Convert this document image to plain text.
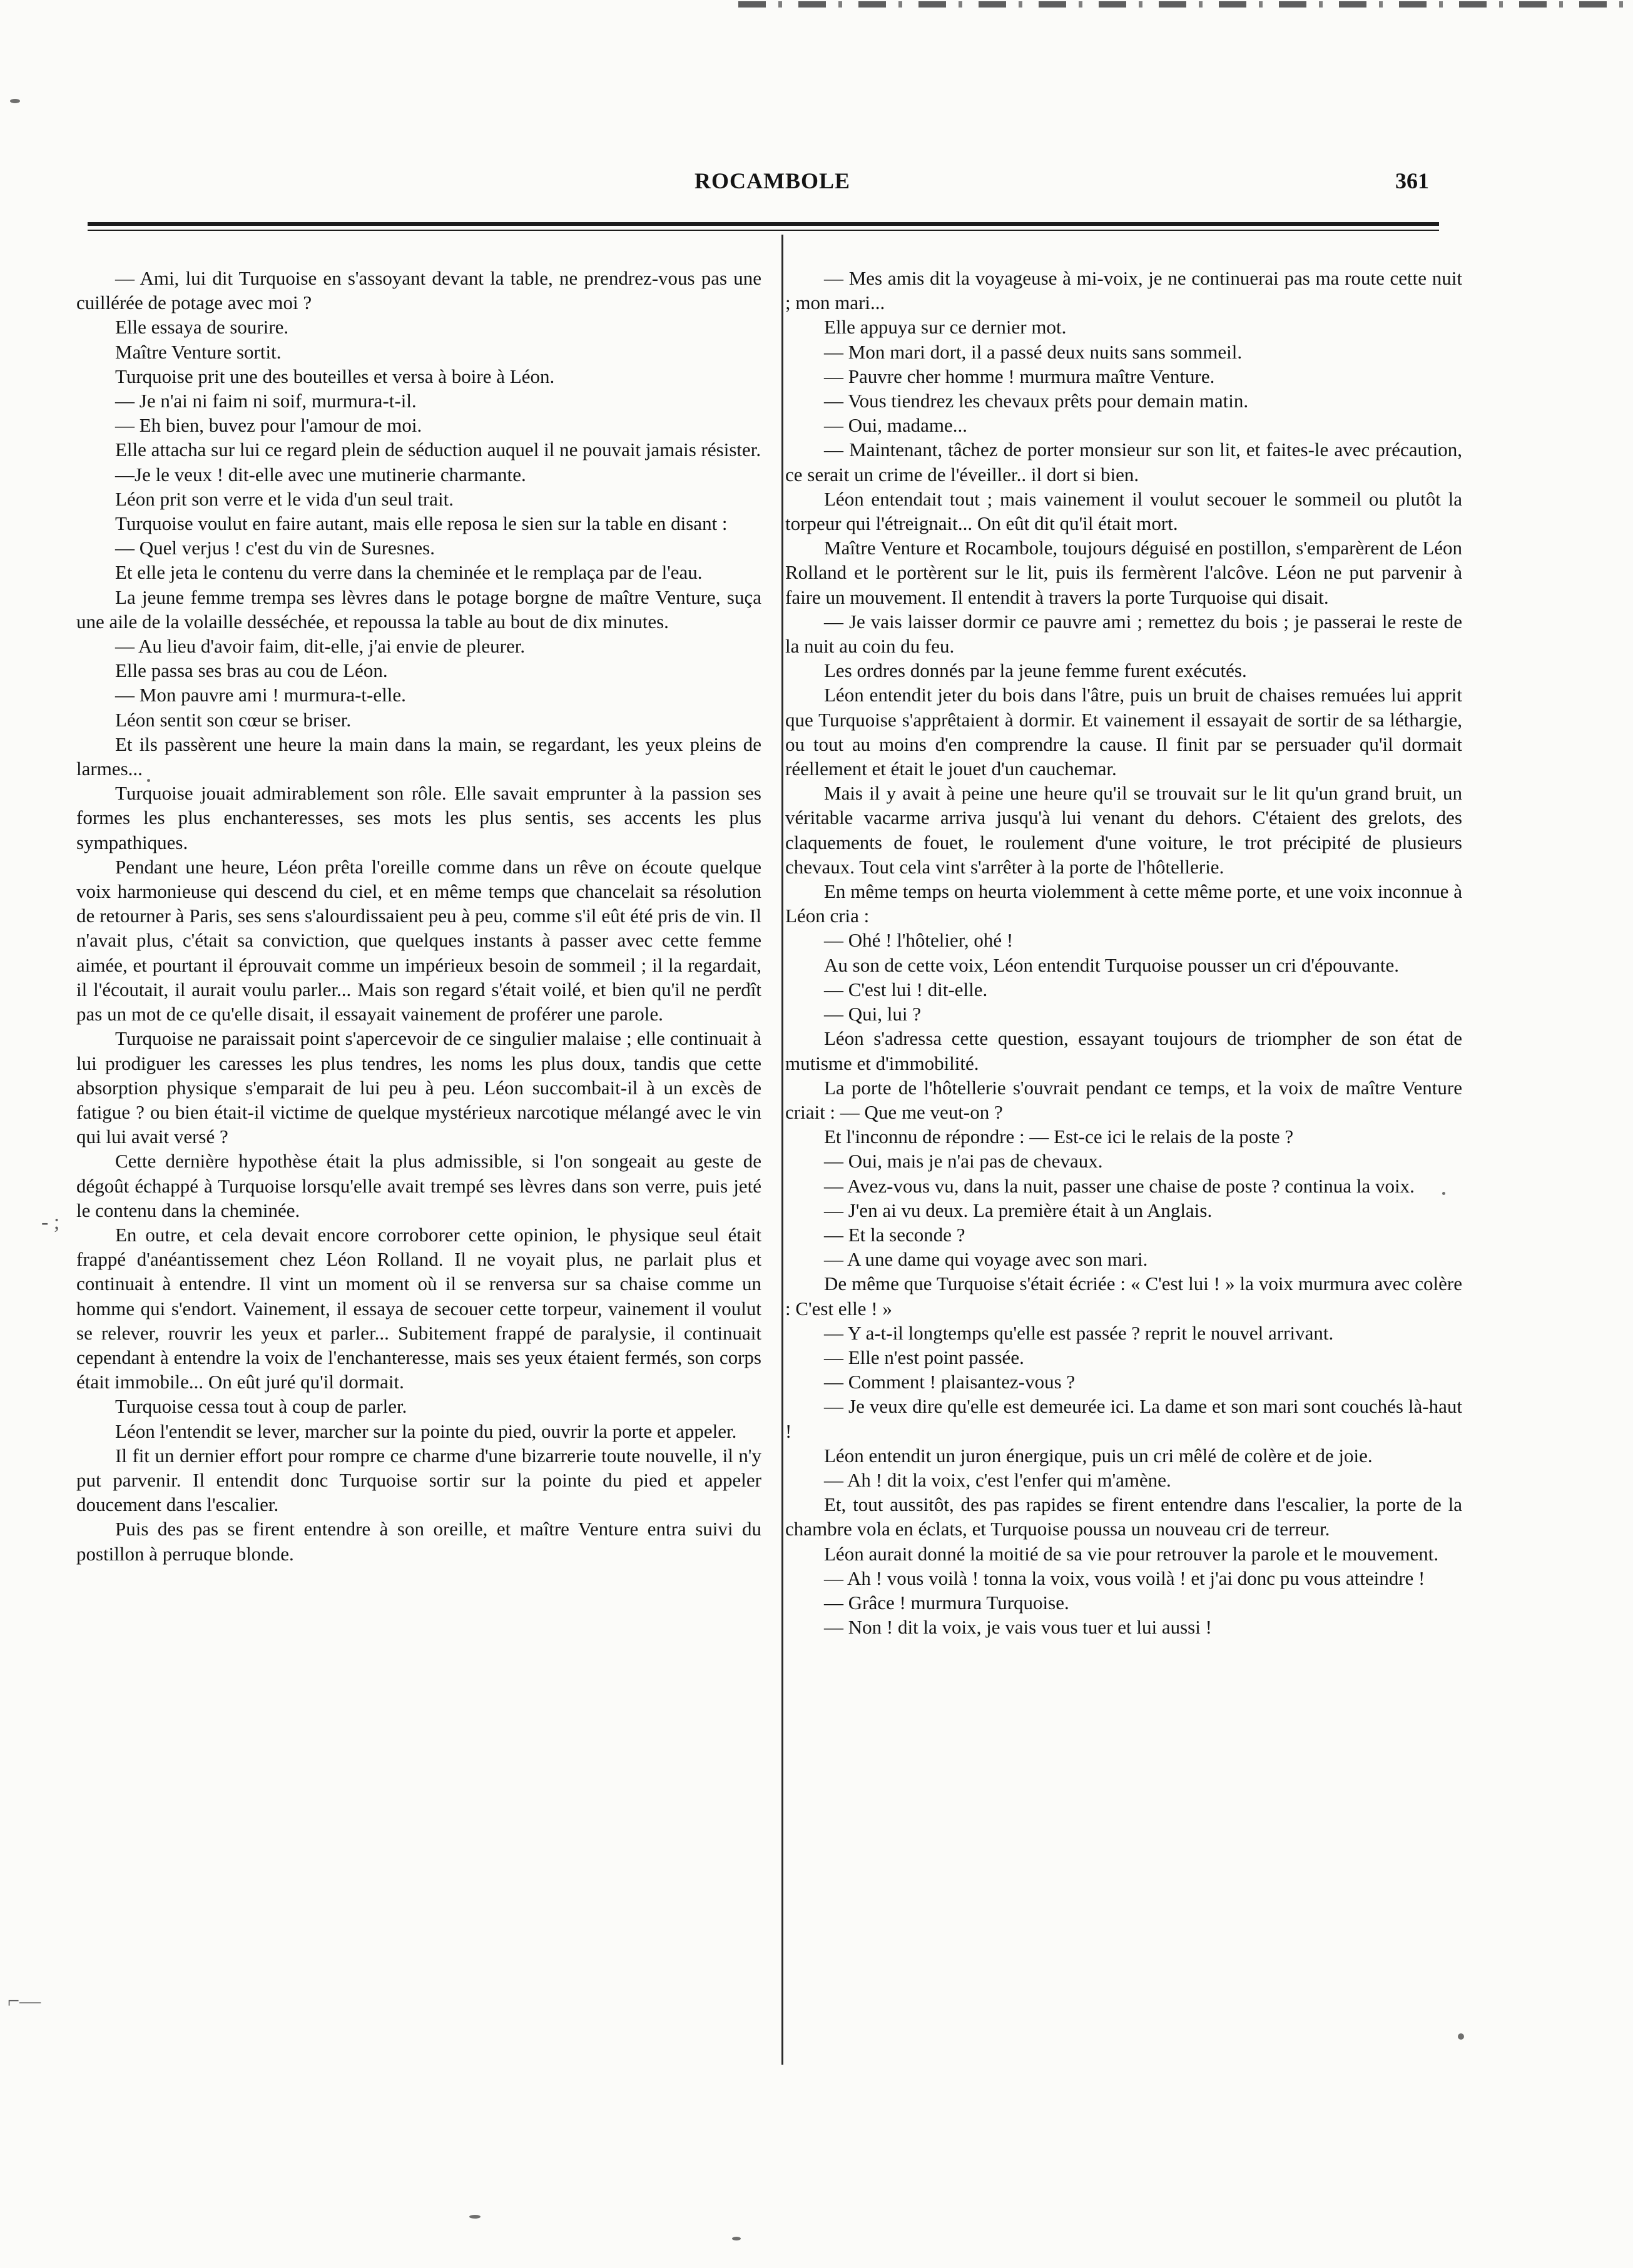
ROCAMBOLE	361

— Ami, lui dit Turquoise en s'assoyant devant la table, ne prendrez-vous pas une cuillérée de potage avec moi ?

Elle essaya de sourire.

Maître Venture sortit.

Turquoise prit une des bouteilles et versa à boire à Léon.

— Je n'ai ni faim ni soif, murmura-t-il.

— Eh bien, buvez pour l'amour de moi.

Elle attacha sur lui ce regard plein de séduction auquel il ne pouvait jamais résister.

—Je le veux ! dit-elle avec une mutinerie charmante.

Léon prit son verre et le vida d'un seul trait.

Turquoise voulut en faire autant, mais elle reposa le sien sur la table en disant :

— Quel verjus ! c'est du vin de Suresnes.

Et elle jeta le contenu du verre dans la cheminée et le remplaça par de l'eau.

La jeune femme trempa ses lèvres dans le potage borgne de maître Venture, suça une aile de la volaille desséchée, et repoussa la table au bout de dix minutes.

— Au lieu d'avoir faim, dit-elle, j'ai envie de pleurer.

Elle passa ses bras au cou de Léon.

— Mon pauvre ami ! murmura-t-elle.

Léon sentit son cœur se briser.

Et ils passèrent une heure la main dans la main, se regardant, les yeux pleins de larmes...

Turquoise jouait admirablement son rôle. Elle savait emprunter à la passion ses formes les plus enchanteresses, ses mots les plus sentis, ses accents les plus sympathiques.

Pendant une heure, Léon prêta l'oreille comme dans un rêve on écoute quelque voix harmonieuse qui descend du ciel, et en même temps que chancelait sa résolution de retourner à Paris, ses sens s'alourdissaient peu à peu, comme s'il eût été pris de vin. Il n'avait plus, c'était sa conviction, que quelques instants à passer avec cette femme aimée, et pourtant il éprouvait comme un impérieux besoin de sommeil ; il la regardait, il l'écoutait, il aurait voulu parler... Mais son regard s'était voilé, et bien qu'il ne perdît pas un mot de ce qu'elle disait, il essayait vainement de proférer une parole.

Turquoise ne paraissait point s'apercevoir de ce singulier malaise ; elle continuait à lui prodiguer les caresses les plus tendres, les noms les plus doux, tandis que cette absorption physique s'emparait de lui peu à peu. Léon succombait-il à un excès de fatigue ? ou bien était-il victime de quelque mystérieux narcotique mélangé avec le vin qui lui avait versé ?

Cette dernière hypothèse était la plus admissible, si l'on songeait au geste de dégoût échappé à Turquoise lorsqu'elle avait trempé ses lèvres dans son verre, puis jeté le contenu dans la cheminée.

En outre, et cela devait encore corroborer cette opinion, le physique seul était frappé d'anéantissement chez Léon Rolland. Il ne voyait plus, ne parlait plus et continuait à entendre. Il vint un moment où il se renversa sur sa chaise comme un homme qui s'endort. Vainement, il essaya de secouer cette torpeur, vainement il voulut se relever, rouvrir les yeux et parler... Subitement frappé de paralysie, il continuait cependant à entendre la voix de l'enchanteresse, mais ses yeux étaient fermés, son corps était immobile... On eût juré qu'il dormait.

Turquoise cessa tout à coup de parler.

Léon l'entendit se lever, marcher sur la pointe du pied, ouvrir la porte et appeler.

Il fit un dernier effort pour rompre ce charme d'une bizarrerie toute nouvelle, il n'y put parvenir. Il entendit donc Turquoise sortir sur la pointe du pied et appeler doucement dans l'escalier.

Puis des pas se firent entendre à son oreille, et maître Venture entra suivi du postillon à perruque blonde.

— Mes amis dit la voyageuse à mi-voix, je ne continuerai pas ma route cette nuit ; mon mari...

Elle appuya sur ce dernier mot.

— Mon mari dort, il a passé deux nuits sans sommeil.

— Pauvre cher homme ! murmura maître Venture.

— Vous tiendrez les chevaux prêts pour demain matin.

— Oui, madame...

— Maintenant, tâchez de porter monsieur sur son lit, et faites-le avec précaution, ce serait un crime de l'éveiller.. il dort si bien.

Léon entendait tout ; mais vainement il voulut secouer le sommeil ou plutôt la torpeur qui l'étreignait... On eût dit qu'il était mort.

Maître Venture et Rocambole, toujours déguisé en postillon, s'emparèrent de Léon Rolland et le portèrent sur le lit, puis ils fermèrent l'alcôve. Léon ne put parvenir à faire un mouvement. Il entendit à travers la porte Turquoise qui disait.

— Je vais laisser dormir ce pauvre ami ; remettez du bois ; je passerai le reste de la nuit au coin du feu.

Les ordres donnés par la jeune femme furent exécutés.

Léon entendit jeter du bois dans l'âtre, puis un bruit de chaises remuées lui apprit que Turquoise s'apprêtaient à dormir. Et vainement il essayait de sortir de sa léthargie, ou tout au moins d'en comprendre la cause. Il finit par se persuader qu'il dormait réellement et était le jouet d'un cauchemar.

Mais il y avait à peine une heure qu'il se trouvait sur le lit qu'un grand bruit, un véritable vacarme arriva jusqu'à lui venant du dehors. C'étaient des grelots, des claquements de fouet, le roulement d'une voiture, le trot précipité de plusieurs chevaux. Tout cela vint s'arrêter à la porte de l'hôtellerie.

En même temps on heurta violemment à cette même porte, et une voix inconnue à Léon cria :

— Ohé ! l'hôtelier, ohé !

Au son de cette voix, Léon entendit Turquoise pousser un cri d'épouvante.

— C'est lui ! dit-elle.

— Qui, lui ?

Léon s'adressa cette question, essayant toujours de triompher de son état de mutisme et d'immobilité.

La porte de l'hôtellerie s'ouvrait pendant ce temps, et la voix de maître Venture criait : — Que me veut-on ?

Et l'inconnu de répondre : — Est-ce ici le relais de la poste ?

— Oui, mais je n'ai pas de chevaux.

— Avez-vous vu, dans la nuit, passer une chaise de poste ? continua la voix.

— J'en ai vu deux. La première était à un Anglais.

— Et la seconde ?

— A une dame qui voyage avec son mari.

De même que Turquoise s'était écriée : « C'est lui ! » la voix murmura avec colère : C'est elle ! »

— Y a-t-il longtemps qu'elle est passée ? reprit le nouvel arrivant.

— Elle n'est point passée.

— Comment ! plaisantez-vous ?

— Je veux dire qu'elle est demeurée ici. La dame et son mari sont couchés là-haut !

Léon entendit un juron énergique, puis un cri mêlé de colère et de joie.

— Ah ! dit la voix, c'est l'enfer qui m'amène.

Et, tout aussitôt, des pas rapides se firent entendre dans l'escalier, la porte de la chambre vola en éclats, et Turquoise poussa un nouveau cri de terreur.

Léon aurait donné la moitié de sa vie pour retrouver la parole et le mouvement.

— Ah ! vous voilà ! tonna la voix, vous voilà ! et j'ai donc pu vous atteindre !

— Grâce ! murmura Turquoise.

— Non ! dit la voix, je vais vous tuer et lui aussi !

‑ ;
⌐—
